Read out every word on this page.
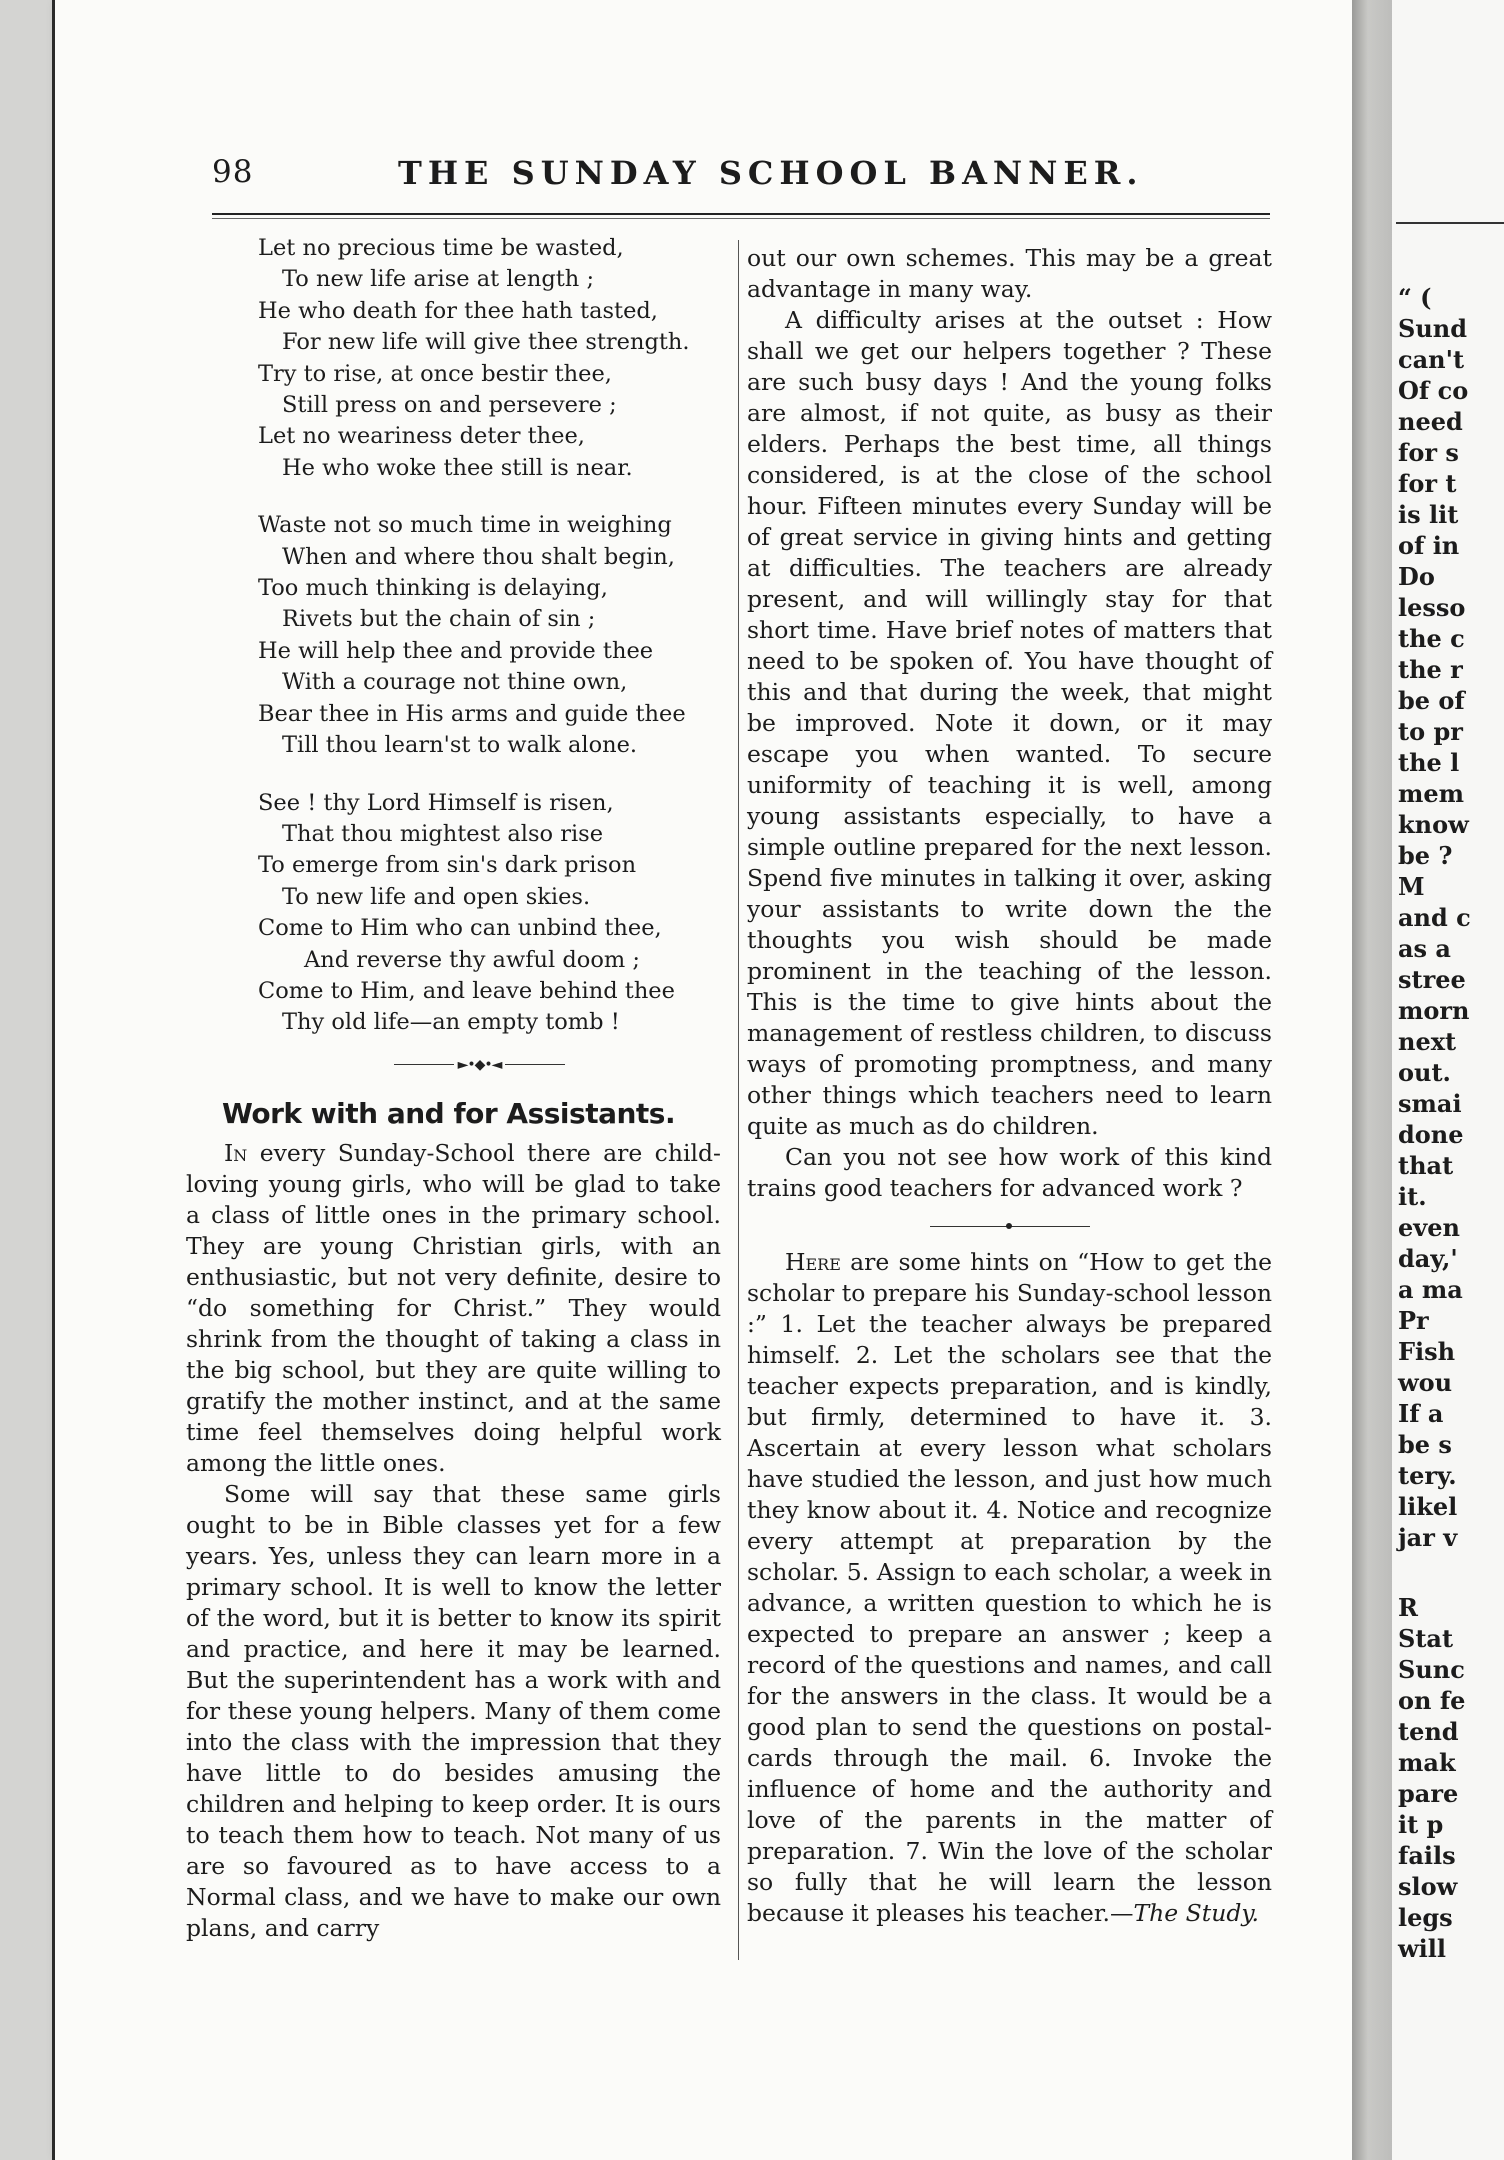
98	THE SUNDAY SCHOOL BANNER.
Let no precious time be wasted,
To new life arise at length ;
He who death for thee hath tasted,
For new life will give thee strength.
Try to rise, at once bestir thee,
Still press on and persevere ;
Let no weariness deter thee,
He who woke thee still is near.
Waste not so much time in weighing
When and where thou shalt begin,
Too much thinking is delaying,
Rivets but the chain of sin ;
He will help thee and provide thee
With a courage not thine own,
Bear thee in His arms and guide thee
Till thou learn'st to walk alone.
See ! thy Lord Himself is risen,
That thou mightest also rise
To emerge from sin's dark prison
To new life and open skies.
Come to Him who can unbind thee,
And reverse thy awful doom ;
Come to Him, and leave behind thee
Thy old life—an empty tomb !
►•◆•◄
Work with and for Assistants.

In every Sunday-School there are child-loving young girls, who will be glad to take a class of little ones in the primary school. They are young Christian girls, with an enthusiastic, but not very definite, desire to “do something for Christ.” They would shrink from the thought of taking a class in the big school, but they are quite willing to gratify the mother instinct, and at the same time feel themselves doing helpful work among the little ones.

Some will say that these same girls ought to be in Bible classes yet for a few years. Yes, unless they can learn more in a primary school. It is well to know the letter of the word, but it is better to know its spirit and practice, and here it may be learned. But the superintendent has a work with and for these young helpers. Many of them come into the class with the impression that they have little to do besides amusing the children and helping to keep order. It is ours to teach them how to teach. Not many of us are so favoured as to have access to a Normal class, and we have to make our own plans, and carry

out our own schemes. This may be a great advantage in many way.

A difficulty arises at the outset : How shall we get our helpers together ? These are such busy days ! And the young folks are almost, if not quite, as busy as their elders. Perhaps the best time, all things considered, is at the close of the school hour. Fifteen minutes every Sunday will be of great service in giving hints and getting at difficulties. The teachers are already present, and will willingly stay for that short time. Have brief notes of matters that need to be spoken of. You have thought of this and that during the week, that might be improved. Note it down, or it may escape you when wanted. To secure uniformity of teaching it is well, among young assistants especially, to have a simple outline prepared for the next lesson. Spend five minutes in talking it over, asking your assistants to write down the the thoughts you wish should be made prominent in the teaching of the lesson. This is the time to give hints about the management of restless children, to discuss ways of promoting promptness, and many other things which teachers need to learn quite as much as do children.

Can you not see how work of this kind trains good teachers for advanced work ?

Here are some hints on “How to get the scholar to prepare his Sunday-school lesson :” 1. Let the teacher always be prepared himself. 2. Let the scholars see that the teacher expects preparation, and is kindly, but firmly, determined to have it. 3. Ascertain at every lesson what scholars have studied the lesson, and just how much they know about it. 4. Notice and recognize every attempt at preparation by the scholar. 5. Assign to each scholar, a week in advance, a written question to which he is expected to prepare an answer ; keep a record of the questions and names, and call for the answers in the class. It would be a good plan to send the questions on postal-cards through the mail. 6. Invoke the influence of home and the authority and love of the parents in the matter of preparation. 7. Win the love of the scholar so fully that he will learn the lesson because it pleases his teacher.—The Study.

“ (
Sund
can't
Of co
need
for s
for t
is lit
of in
Do
lesso
the c
the r
be of
to pr
the l
mem
know
be ?
M
and c
as a
stree
morn
next
out.
smai
done
that
it.
even
day,'
a ma
Pr
Fish
wou
If a
be s
tery.
likel
jar v
R
Stat
Sunc
on fe
tend
mak
pare
it p
fails
slow
legs
will
